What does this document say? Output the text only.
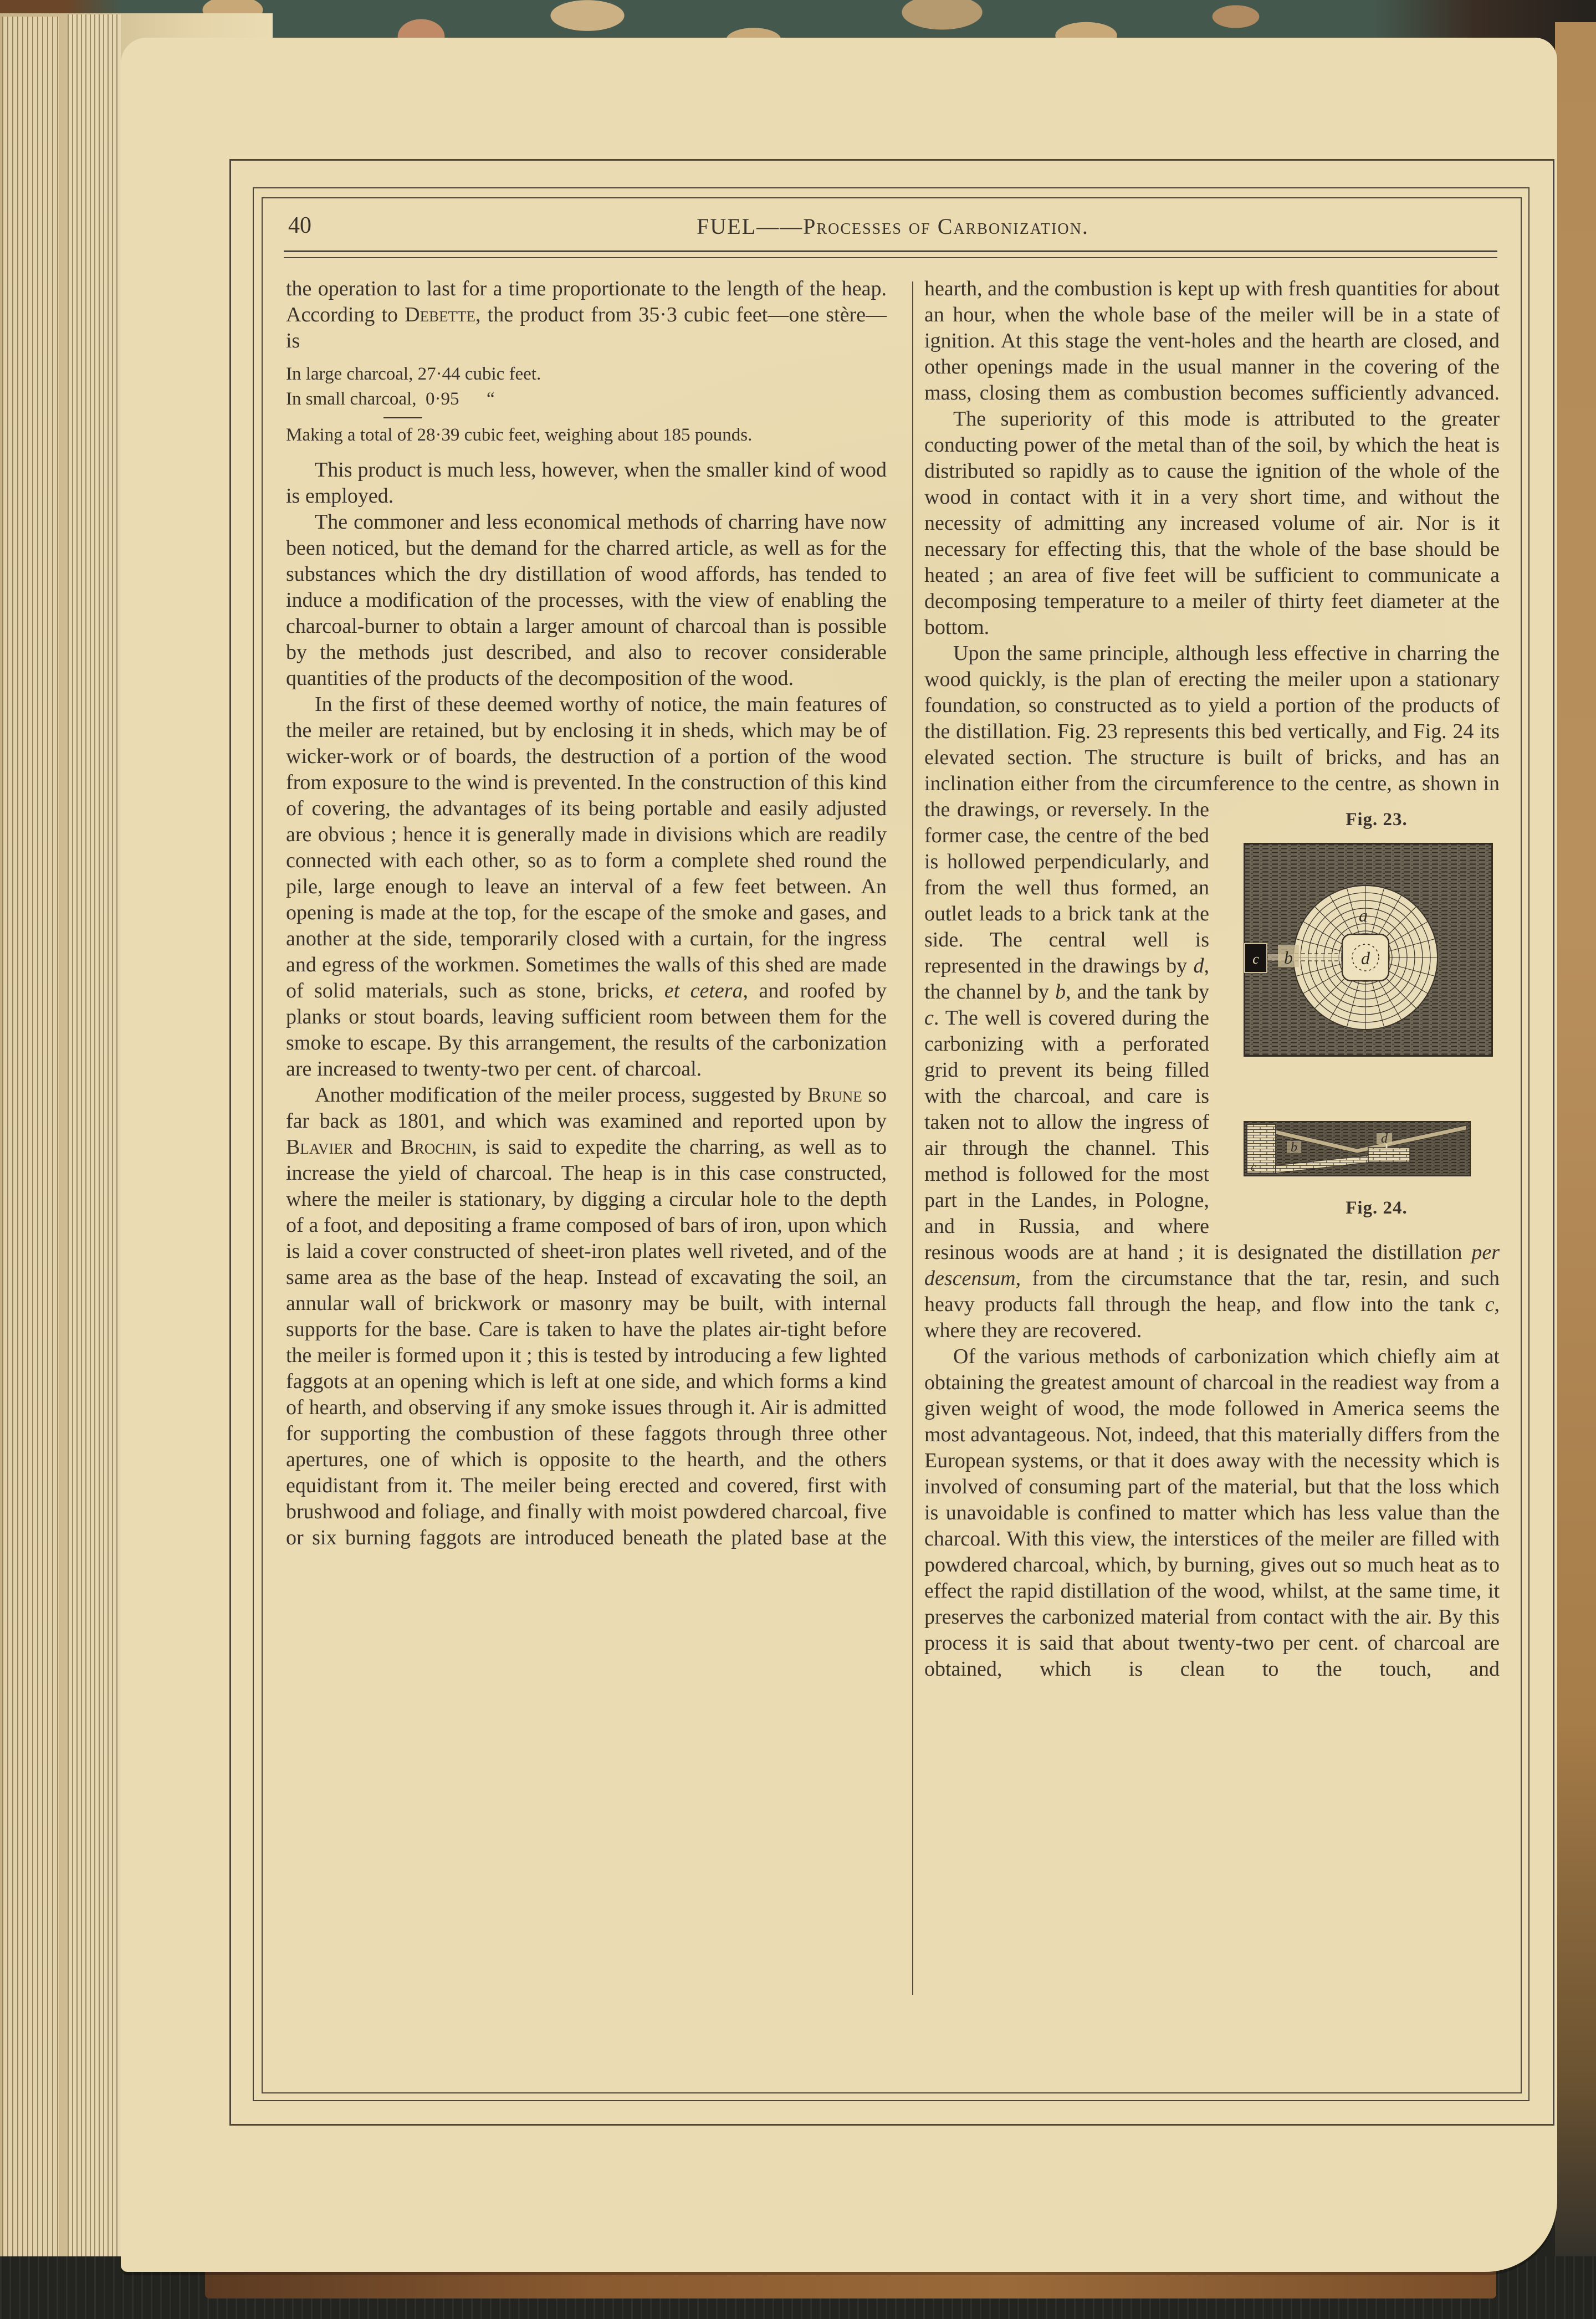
40	FUEL——Processes of Carbonization.

the operation to last for a time proportionate to the length of the heap. According to Debette, the product from 35·3 cubic feet—one stère—is

In large charcoal, 27·44 cubic feet.

In small charcoal,  0·95      “

Making a total of 28·39 cubic feet, weighing about 185 pounds.

This product is much less, however, when the smaller kind of wood is employed.

The commoner and less economical methods of charring have now been noticed, but the demand for the charred article, as well as for the substances which the dry distillation of wood affords, has tended to induce a modification of the processes, with the view of enabling the charcoal-burner to obtain a larger amount of charcoal than is possible by the methods just described, and also to recover considerable quantities of the products of the decomposition of the wood.

In the first of these deemed worthy of notice, the main features of the meiler are retained, but by enclosing it in sheds, which may be of wicker-work or of boards, the destruction of a portion of the wood from exposure to the wind is prevented. In the construction of this kind of covering, the advantages of its being portable and easily adjusted are obvious ; hence it is generally made in divisions which are readily connected with each other, so as to form a complete shed round the pile, large enough to leave an interval of a few feet between. An opening is made at the top, for the escape of the smoke and gases, and another at the side, temporarily closed with a curtain, for the ingress and egress of the workmen. Sometimes the walls of this shed are made of solid materials, such as stone, bricks, et cetera, and roofed by planks or stout boards, leaving sufficient room between them for the smoke to escape. By this arrangement, the results of the carbonization are increased to twenty-two per cent. of charcoal.

Another modification of the meiler process, suggested by Brune so far back as 1801, and which was examined and reported upon by Blavier and Brochin, is said to expedite the charring, as well as to increase the yield of charcoal. The heap is in this case constructed, where the meiler is stationary, by digging a circular hole to the depth of a foot, and depositing a frame composed of bars of iron, upon which is laid a cover constructed of sheet-iron plates well riveted, and of the same area as the base of the heap. Instead of excavating the soil, an annular wall of brickwork or masonry may be built, with internal supports for the base. Care is taken to have the plates air-tight before the meiler is formed upon it ; this is tested by introducing a few lighted faggots at an opening which is left at one side, and which forms a kind of hearth, and observing if any smoke issues through it. Air is admitted for supporting the combustion of these faggots through three other apertures, one of which is opposite to the hearth, and the others equidistant from it. The meiler being erected and covered, first with brushwood and foliage, and finally with moist powdered charcoal, five or six burning faggots are introduced beneath the plated base at the

hearth, and the combustion is kept up with fresh quantities for about an hour, when the whole base of the meiler will be in a state of ignition. At this stage the vent-holes and the hearth are closed, and other openings made in the usual manner in the covering of the mass, closing them as combustion becomes sufficiently advanced.

The superiority of this mode is attributed to the greater conducting power of the metal than of the soil, by which the heat is distributed so rapidly as to cause the ignition of the whole of the wood in contact with it in a very short time, and without the necessity of admitting any increased volume of air. Nor is it necessary for effecting this, that the whole of the base should be heated ; an area of five feet will be sufficient to communicate a decomposing temperature to a meiler of thirty feet diameter at the bottom.

Upon the same principle, although less effective in charring the wood quickly, is the plan of erecting the meiler upon a stationary foundation, so constructed as to yield a portion of the products of the distillation. Fig. 23 represents this bed vertically, and Fig. 24 its elevated section. The structure is built of bricks, and has an inclination either from the circumference to the centre, as shown in the drawings, or reversely. In the	Fig. 23.
a
b
c	d
d
b
c
Fig. 24.
former case, the centre of the bed is hollowed perpendicularly, and from the well thus formed, an outlet leads to a brick tank at the side. The central well is represented in the drawings by d, the channel by b, and the tank by c. The well is covered during the carbonizing with a perforated grid to prevent its being filled with the charcoal, and care is taken not to allow the ingress of air through the channel. This method is followed for the most part in the Landes, in Pologne, and in Russia, and where resinous woods are at hand ; it is designated the distillation per descensum, from the circumstance that the tar, resin, and such heavy products fall through the heap, and flow into the tank c, where they are recovered.

Of the various methods of carbonization which chiefly aim at obtaining the greatest amount of charcoal in the readiest way from a given weight of wood, the mode followed in America seems the most advantageous. Not, indeed, that this materially differs from the European systems, or that it does away with the necessity which is involved of consuming part of the material, but that the loss which is unavoidable is confined to matter which has less value than the charcoal. With this view, the interstices of the meiler are filled with powdered charcoal, which, by burning, gives out so much heat as to effect the rapid distillation of the wood, whilst, at the same time, it preserves the carbonized material from contact with the air. By this process it is said that about twenty-two per cent. of charcoal are obtained, which is clean to the touch, and
